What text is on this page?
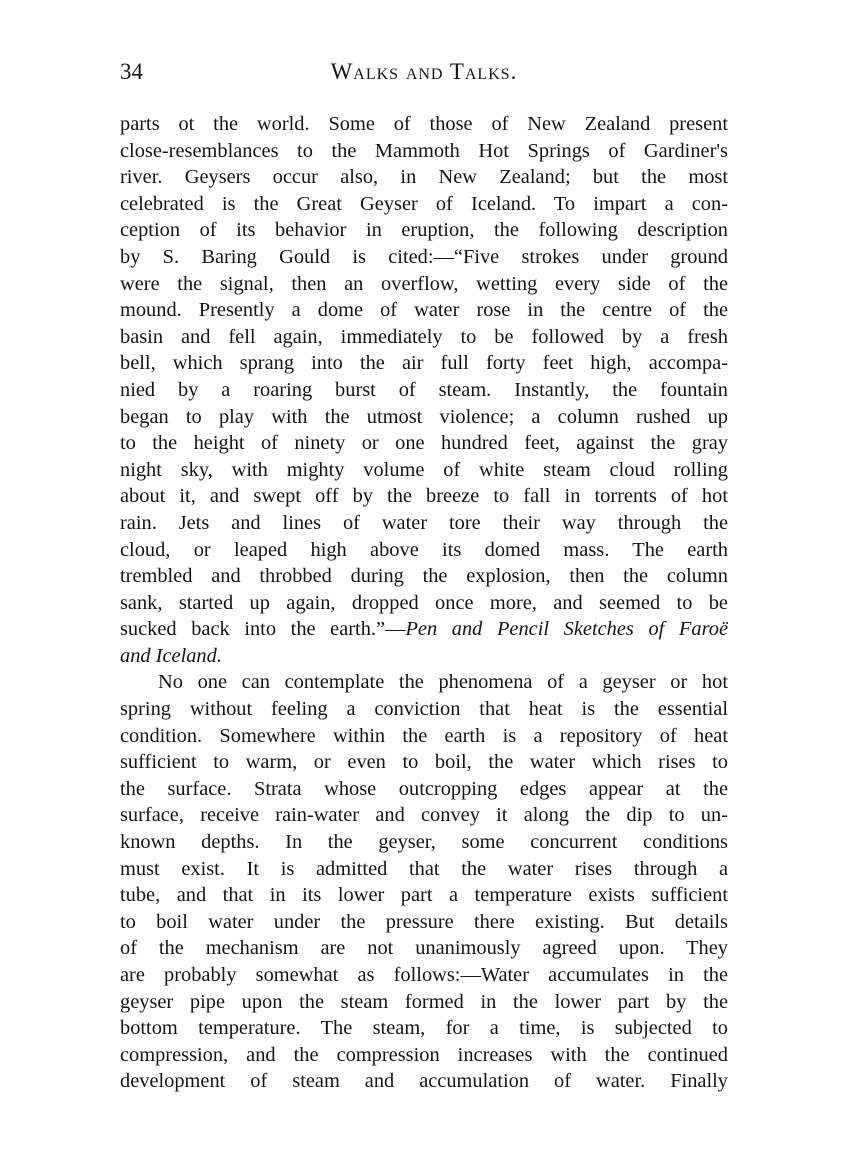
34	Walks and Talks.
parts ot the world. Some of those of New Zealand present
close-resemblances to the Mammoth Hot Springs of Gardiner's
river. Geysers occur also, in New Zealand; but the most
celebrated is the Great Geyser of Iceland. To impart a con-
ception of its behavior in eruption, the following description
by S. Baring Gould is cited:—“Five strokes under ground
were the signal, then an overflow, wetting every side of the
mound. Presently a dome of water rose in the centre of the
basin and fell again, immediately to be followed by a fresh
bell, which sprang into the air full forty feet high, accompa-
nied by a roaring burst of steam. Instantly, the fountain
began to play with the utmost violence; a column rushed up
to the height of ninety or one hundred feet, against the gray
night sky, with mighty volume of white steam cloud rolling
about it, and swept off by the breeze to fall in torrents of hot
rain. Jets and lines of water tore their way through the
cloud, or leaped high above its domed mass. The earth
trembled and throbbed during the explosion, then the column
sank, started up again, dropped once more, and seemed to be
sucked back into the earth.”—Pen and Pencil Sketches of Faroë
and Iceland.
No one can contemplate the phenomena of a geyser or hot
spring without feeling a conviction that heat is the essential
condition. Somewhere within the earth is a repository of heat
sufficient to warm, or even to boil, the water which rises to
the surface. Strata whose outcropping edges appear at the
surface, receive rain-water and convey it along the dip to un-
known depths. In the geyser, some concurrent conditions
must exist. It is admitted that the water rises through a
tube, and that in its lower part a temperature exists sufficient
to boil water under the pressure there existing. But details
of the mechanism are not unanimously agreed upon. They
are probably somewhat as follows:—Water accumulates in the
geyser pipe upon the steam formed in the lower part by the
bottom temperature. The steam, for a time, is subjected to
compression, and the compression increases with the continued
development of steam and accumulation of water. Finally
